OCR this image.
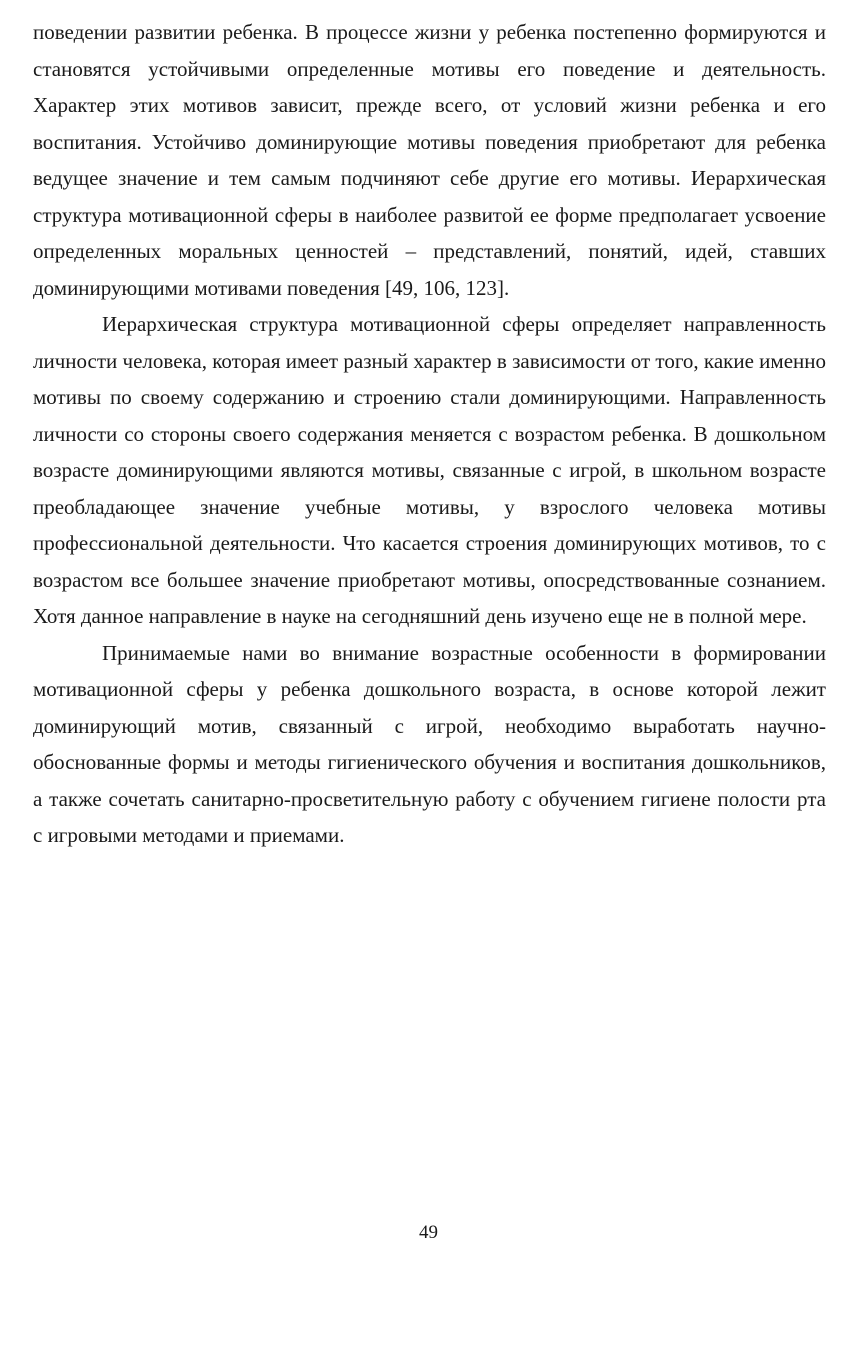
поведении развитии ребенка. В процессе жизни у ребенка постепенно формируются и становятся устойчивыми определенные мотивы его поведение и деятельность. Характер этих мотивов зависит, прежде всего, от условий жизни ребенка и его воспитания. Устойчиво доминирующие мотивы поведения приобретают для ребенка ведущее значение и тем самым подчиняют себе другие его мотивы. Иерархическая структура мотивационной сферы в наиболее развитой ее форме предполагает усвоение определенных моральных ценностей – представлений, понятий, идей, ставших доминирующими мотивами поведения [49, 106, 123].

Иерархическая структура мотивационной сферы определяет направленность личности человека, которая имеет разный характер в зависимости от того, какие именно мотивы по своему содержанию и строению стали доминирующими. Направленность личности со стороны своего содержания меняется с возрастом ребенка. В дошкольном возрасте доминирующими являются мотивы, связанные с игрой, в школьном возрасте преобладающее значение учебные мотивы, у взрослого человека мотивы профессиональной деятельности. Что касается строения доминирующих мотивов, то с возрастом все большее значение приобретают мотивы, опосредствованные сознанием. Хотя данное направление в науке на сегодняшний день изучено еще не в полной мере.

Принимаемые нами во внимание возрастные особенности в формировании мотивационной сферы у ребенка дошкольного возраста, в основе которой лежит доминирующий мотив, связанный с игрой, необходимо выработать научно-обоснованные формы и методы гигиенического обучения и воспитания дошкольников, а также сочетать санитарно-просветительную работу с обучением гигиене полости рта с игровыми методами и приемами.

49
